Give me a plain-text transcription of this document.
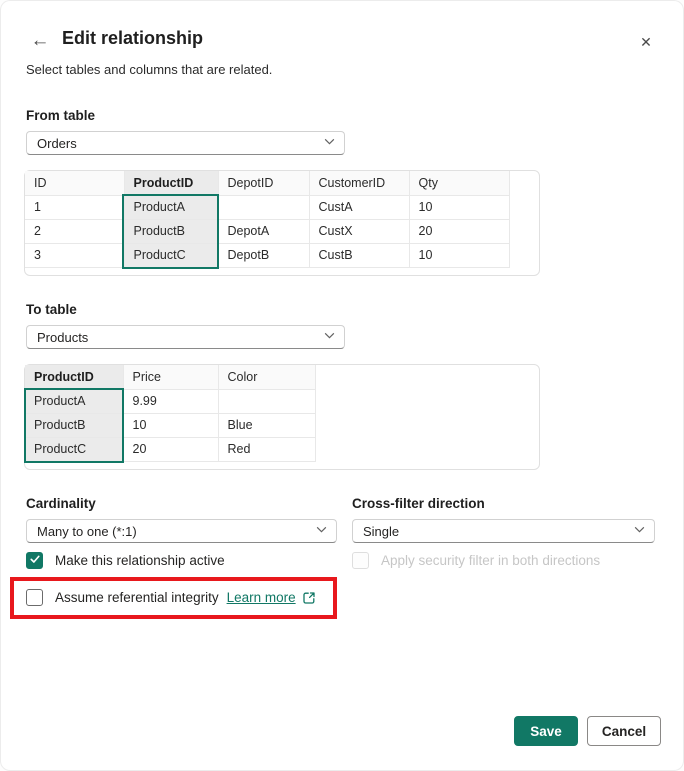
← Edit relationship	✕
Select tables and columns that are related.
From table
Orders
ID	ProductID	DepotID	CustomerID	Qty
1	ProductA		CustA	10
2	ProductB	DepotA	CustX	20
3	ProductC	DepotB	CustB	10
To table
Products
ProductID	Price	Color
ProductA	9.99	
ProductB	10	Blue
ProductC	20	Red
Cardinality	Cross-filter direction
Many to one (*:1)	Single
Make this relationship active	Apply security filter in both directions
Assume referential integrity Learn more
Save	Cancel
